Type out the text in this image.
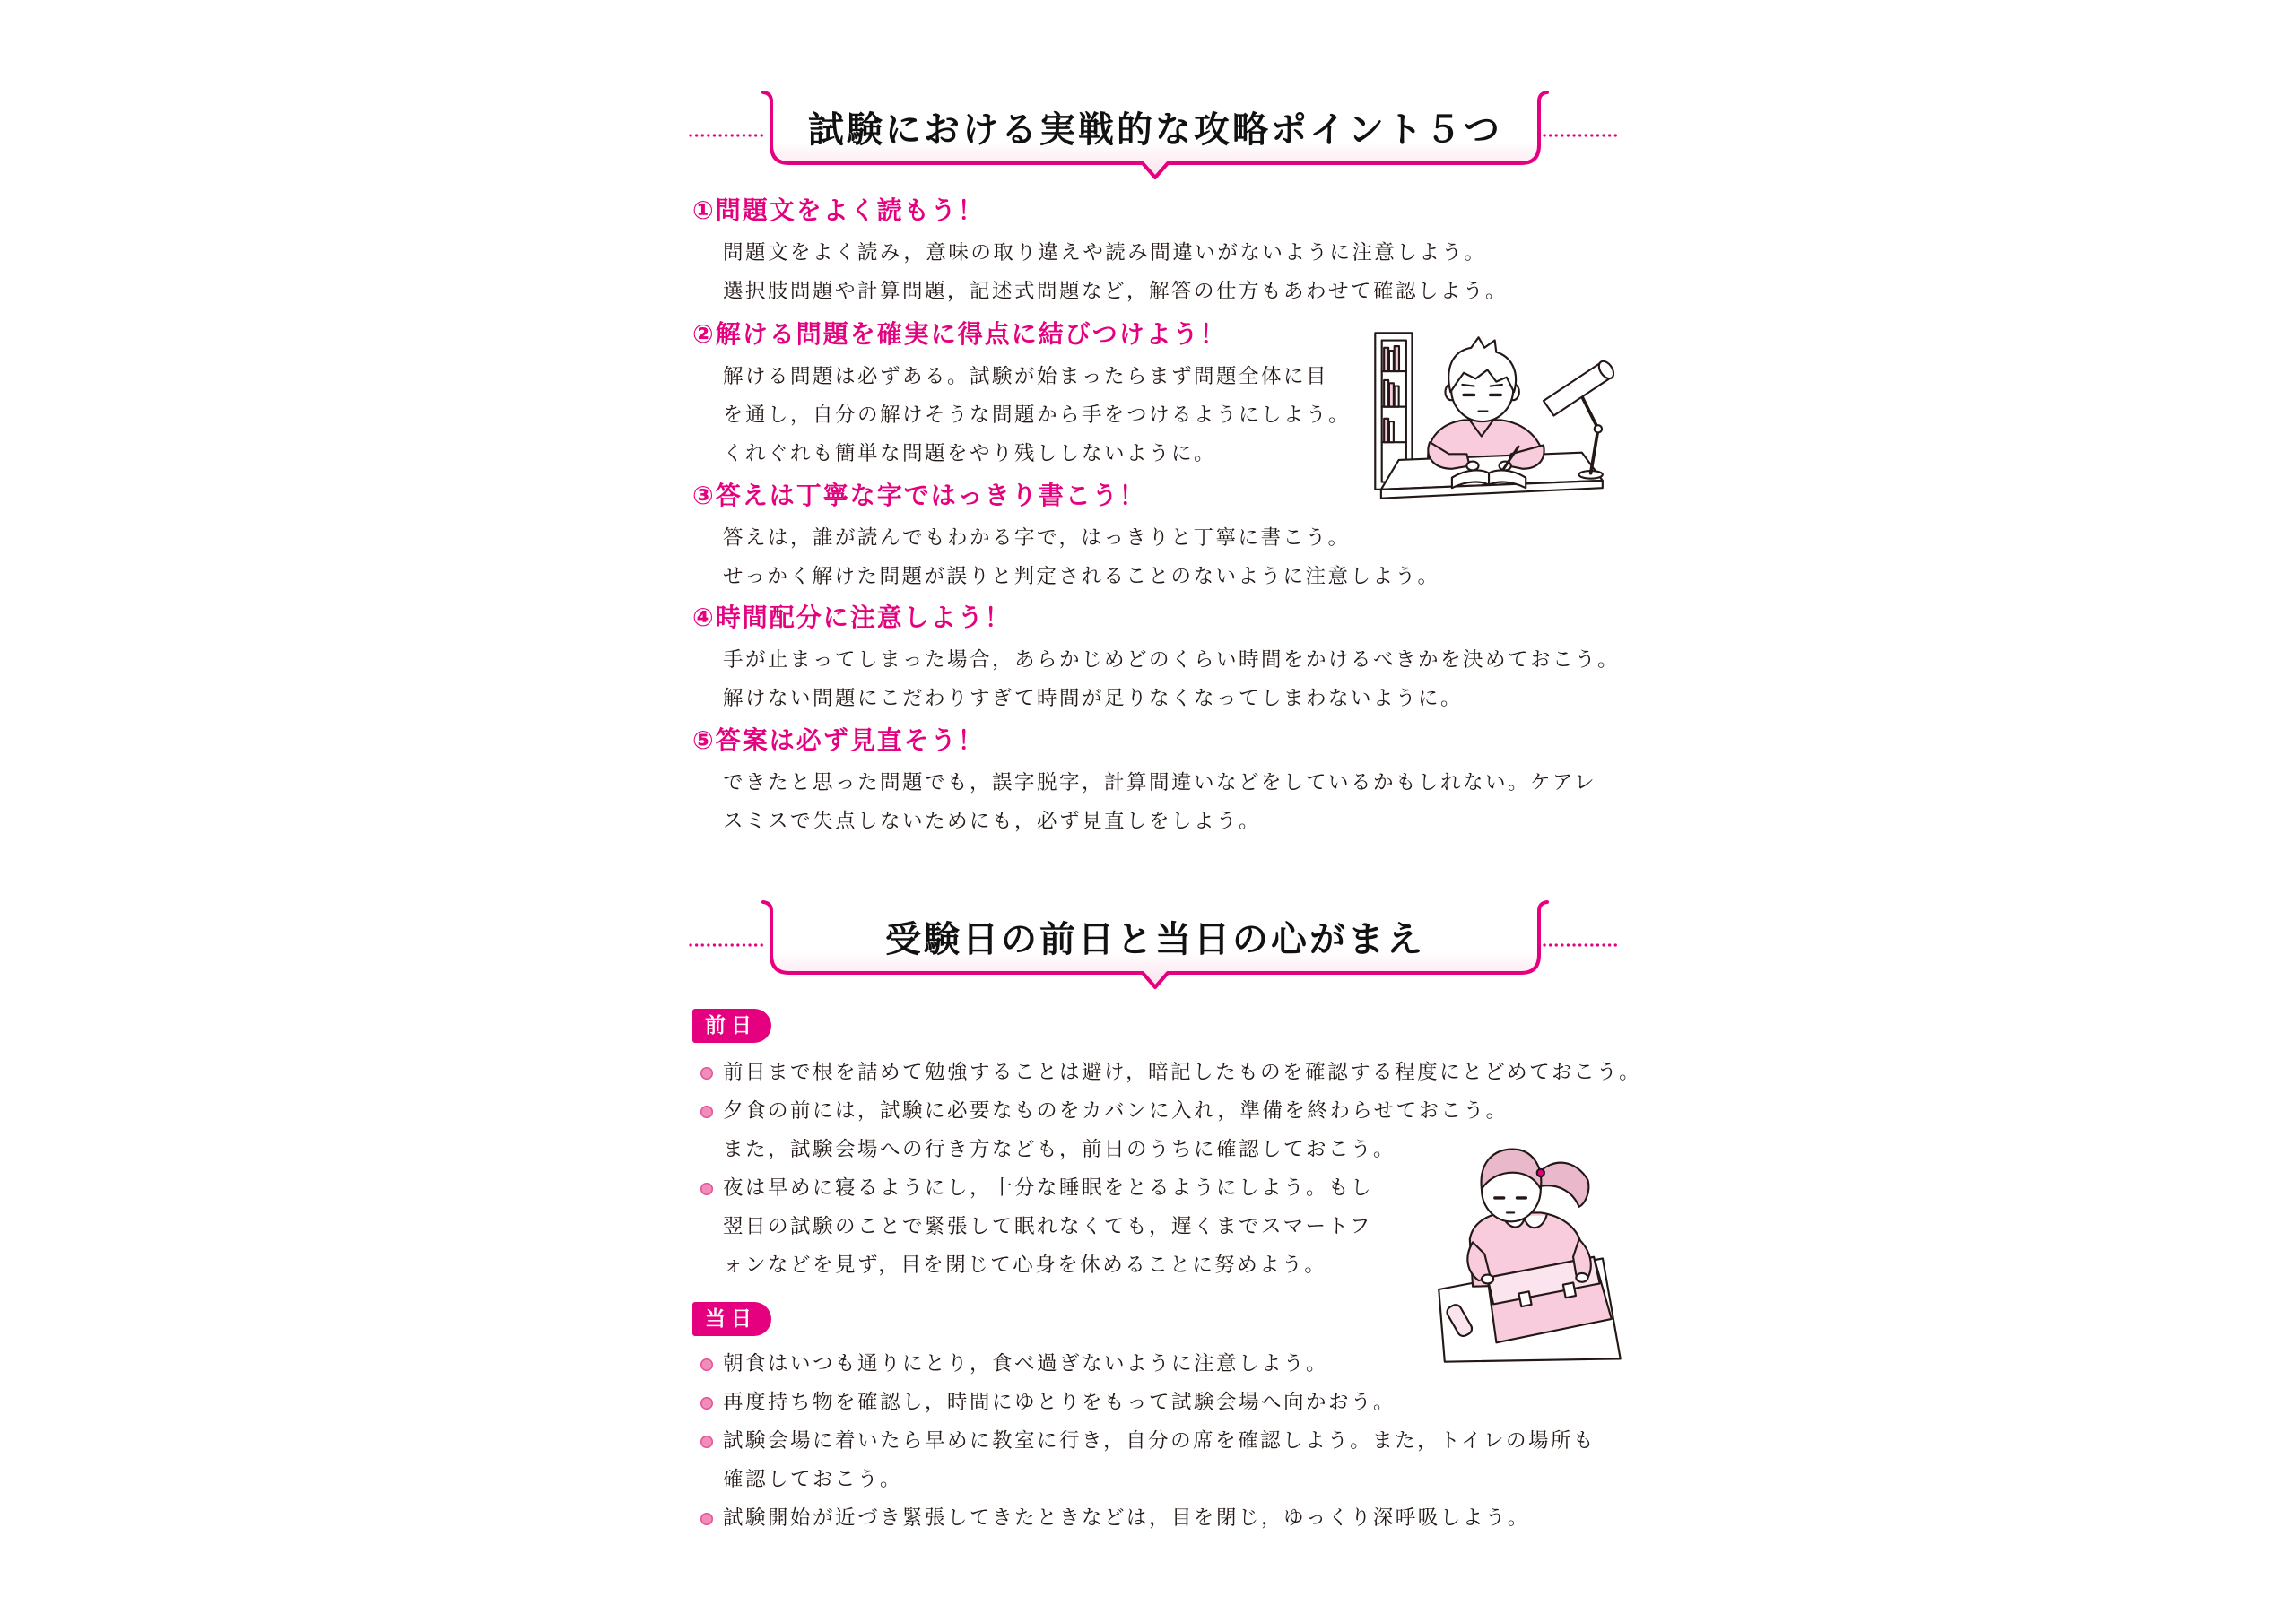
試験における実戦的な攻略ポイント５つ
①問題文をよく読もう！
問題文をよく読み，意味の取り違えや読み間違いがないように注意しよう。
選択肢問題や計算問題，記述式問題など，解答の仕方もあわせて確認しよう。
②解ける問題を確実に得点に結びつけよう！
解ける問題は必ずある。試験が始まったらまず問題全体に目
を通し，自分の解けそうな問題から手をつけるようにしよう。
くれぐれも簡単な問題をやり残ししないように。
③答えは丁寧な字ではっきり書こう！
答えは，誰が読んでもわかる字で，はっきりと丁寧に書こう。
せっかく解けた問題が誤りと判定されることのないように注意しよう。
④時間配分に注意しよう！
手が止まってしまった場合，あらかじめどのくらい時間をかけるべきかを決めておこう。
解けない問題にこだわりすぎて時間が足りなくなってしまわないように。
⑤答案は必ず見直そう！
できたと思った問題でも，誤字脱字，計算間違いなどをしているかもしれない。ケアレ
スミスで失点しないためにも，必ず見直しをしよう。
受験日の前日と当日の心がまえ
前日
前日まで根を詰めて勉強することは避け，暗記したものを確認する程度にとどめておこう。
夕食の前には，試験に必要なものをカバンに入れ，準備を終わらせておこう。
また，試験会場への行き方なども，前日のうちに確認しておこう。
夜は早めに寝るようにし，十分な睡眠をとるようにしよう。もし
翌日の試験のことで緊張して眠れなくても，遅くまでスマートフ
ォンなどを見ず，目を閉じて心身を休めることに努めよう。
当日
朝食はいつも通りにとり，食べ過ぎないように注意しよう。
再度持ち物を確認し，時間にゆとりをもって試験会場へ向かおう。
試験会場に着いたら早めに教室に行き，自分の席を確認しよう。また，トイレの場所も
確認しておこう。
試験開始が近づき緊張してきたときなどは，目を閉じ，ゆっくり深呼吸しよう。
